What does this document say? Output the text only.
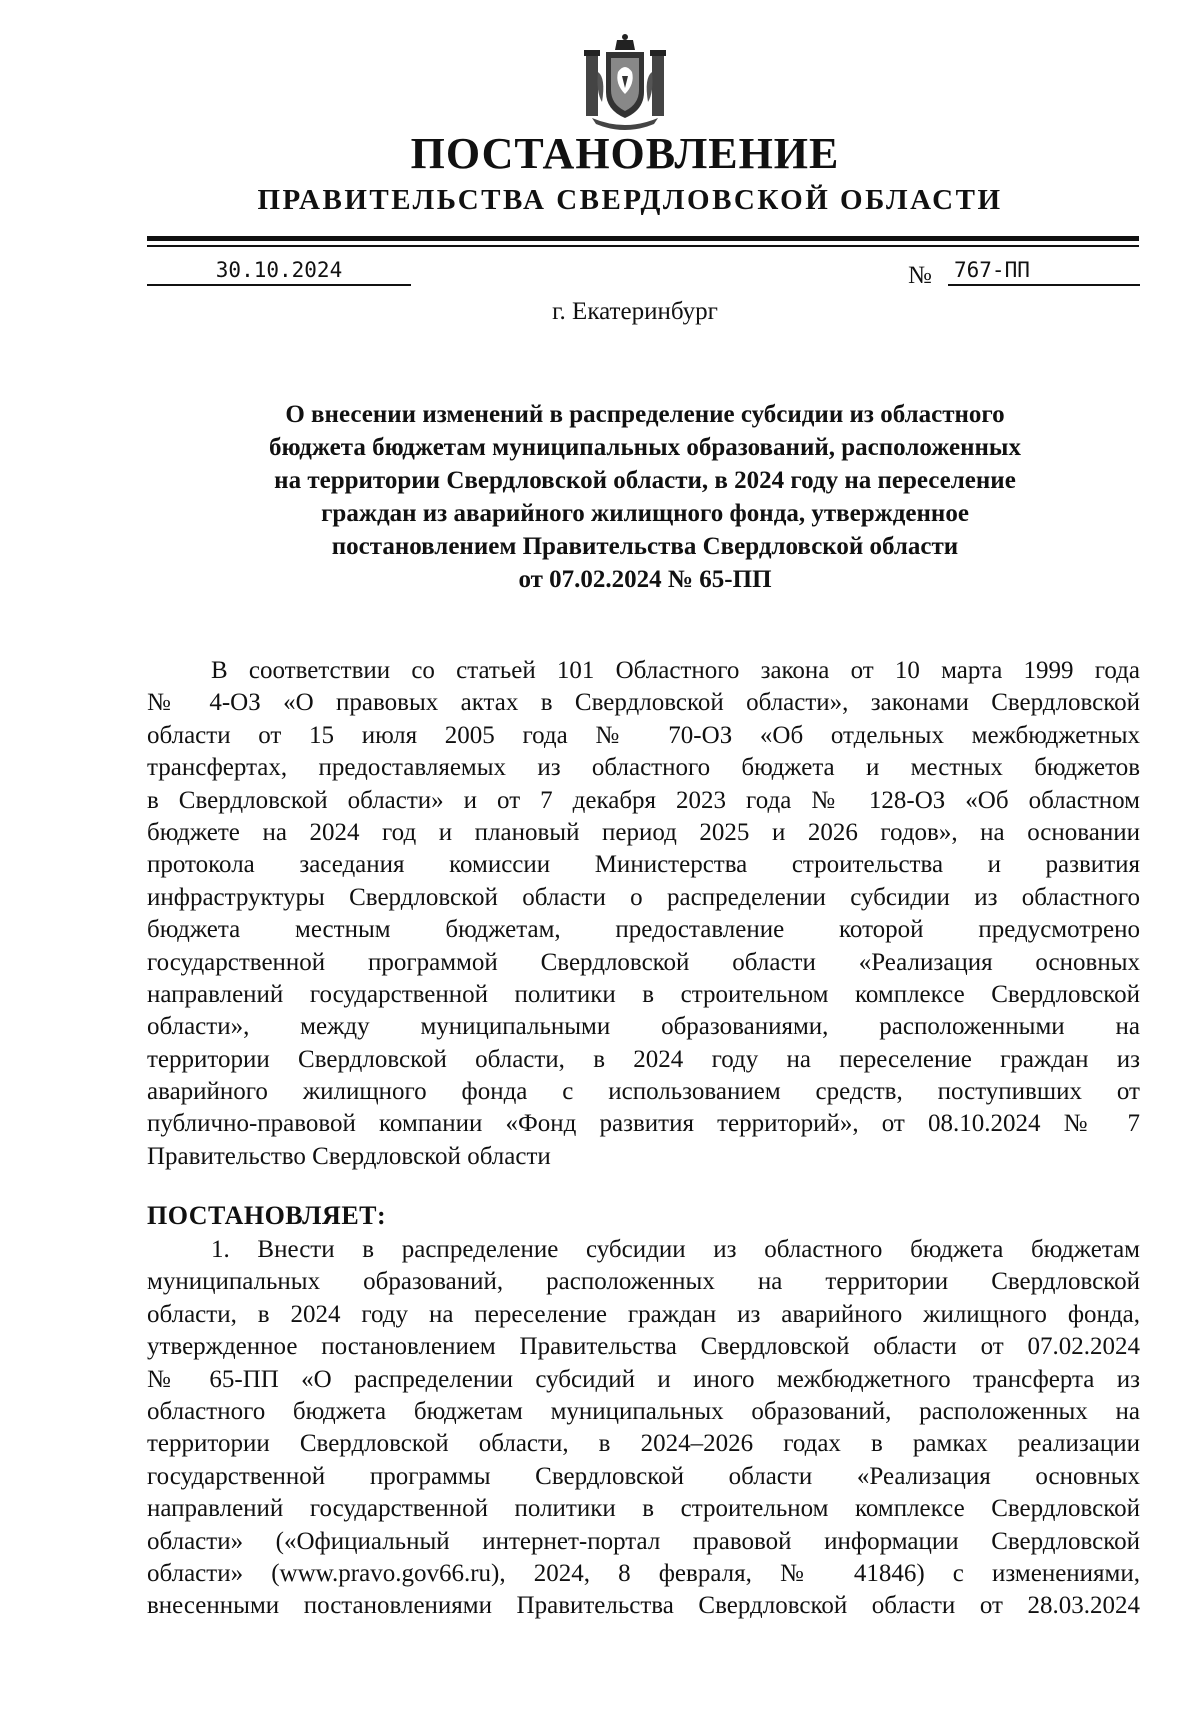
ПОСТАНОВЛЕНИЕ
ПРАВИТЕЛЬСТВА СВЕРДЛОВСКОЙ ОБЛАСТИ
30.10.2024	№ 767-ПП
г. Екатеринбург
О внесении изменений в распределение субсидии из областного
бюджета бюджетам муниципальных образований, расположенных
на территории Свердловской области, в 2024 году на переселение
граждан из аварийного жилищного фонда, утвержденное
постановлением Правительства Свердловской области
от 07.02.2024 № 65-ПП
В соответствии со статьей 101 Областного закона от 10 марта 1999 года
№ 4-ОЗ «О правовых актах в Свердловской области», законами Свердловской
области от 15 июля 2005 года № 70-ОЗ «Об отдельных межбюджетных
трансфертах, предоставляемых из областного бюджета и местных бюджетов
в Свердловской области» и от 7 декабря 2023 года № 128-ОЗ «Об областном
бюджете на 2024 год и плановый период 2025 и 2026 годов», на основании
протокола заседания комиссии Министерства строительства и развития
инфраструктуры Свердловской области о распределении субсидии из областного
бюджета местным бюджетам, предоставление которой предусмотрено
государственной программой Свердловской области «Реализация основных
направлений государственной политики в строительном комплексе Свердловской
области», между муниципальными образованиями, расположенными на
территории Свердловской области, в 2024 году на переселение граждан из
аварийного жилищного фонда с использованием средств, поступивших от
публично-правовой компании «Фонд развития территорий», от 08.10.2024 № 7
Правительство Свердловской области
ПОСТАНОВЛЯЕТ:
1. Внести в распределение субсидии из областного бюджета бюджетам
муниципальных образований, расположенных на территории Свердловской
области, в 2024 году на переселение граждан из аварийного жилищного фонда,
утвержденное постановлением Правительства Свердловской области от 07.02.2024
№ 65-ПП «О распределении субсидий и иного межбюджетного трансферта из
областного бюджета бюджетам муниципальных образований, расположенных на
территории Свердловской области, в 2024–2026 годах в рамках реализации
государственной программы Свердловской области «Реализация основных
направлений государственной политики в строительном комплексе Свердловской
области» («Официальный интернет-портал правовой информации Свердловской
области» (www.pravo.gov66.ru), 2024, 8 февраля, № 41846) с изменениями,
внесенными постановлениями Правительства Свердловской области от 28.03.2024
